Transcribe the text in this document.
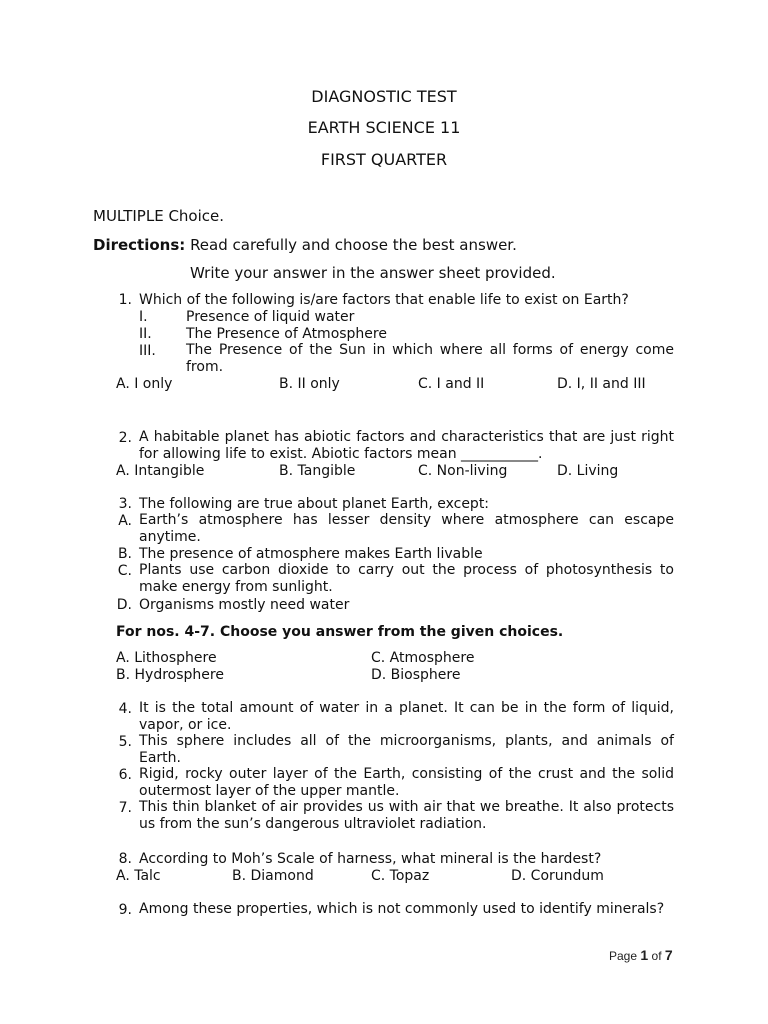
DIAGNOSTIC TEST
EARTH SCIENCE 11
FIRST QUARTER
MULTIPLE Choice.
Directions: Read carefully and choose the best answer.
Write your answer in the answer sheet provided.
1. Which of the following is/are factors that enable life to exist on Earth?
I.	Presence of liquid water
II. The Presence of Atmosphere
III. The Presence of the Sun in which where all forms of energy come from.
A. I only	B. II only	C. I and II	D. I, II and III
2. A habitable planet has abiotic factors and characteristics that are just right for allowing life to exist. Abiotic factors mean ___________.
A. Intangible	B. Tangible	C. Non-living	D. Living
3. The following are true about planet Earth, except:
A. Earth’s atmosphere has lesser density where atmosphere can escape anytime.
B. The presence of atmosphere makes Earth livable
C. Plants use carbon dioxide to carry out the process of photosynthesis to make energy from sunlight.
D. Organisms mostly need water
For nos. 4-7. Choose you answer from the given choices.
A. Lithosphere	C. Atmosphere
B. Hydrosphere	D. Biosphere
4. It is the total amount of water in a planet. It can be in the form of liquid, vapor, or ice.
5. This sphere includes all of the microorganisms, plants, and animals of Earth.
6. Rigid, rocky outer layer of the Earth, consisting of the crust and the solid outermost layer of the upper mantle.
7. This thin blanket of air provides us with air that we breathe. It also protects us from the sun’s dangerous ultraviolet radiation.
8. According to Moh’s Scale of harness, what mineral is the hardest?
A. Talc	B. Diamond	C. Topaz	D. Corundum
9. Among these properties, which is not commonly used to identify minerals?
Page 1 of 7
